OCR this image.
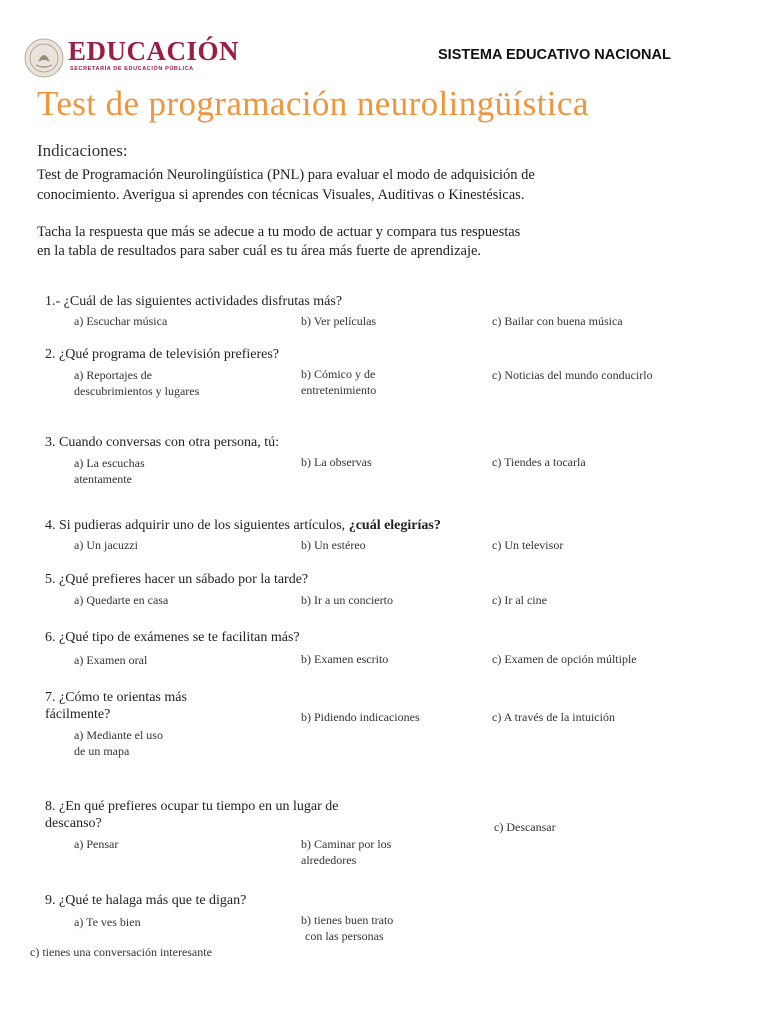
EDUCACIÓN
SECRETARÍA DE EDUCACIÓN PÚBLICA
SISTEMA EDUCATIVO NACIONAL
Test de programación neurolingüística
Indicaciones:
Test de Programación Neurolingüística (PNL) para evaluar el modo de adquisición de
conocimiento. Averigua si aprendes con técnicas Visuales, Auditivas o Kinestésicas.
Tacha la respuesta que más se adecue a tu modo de actuar y compara tus respuestas
en la tabla de resultados para saber cuál es tu área más fuerte de aprendizaje.
1.- ¿Cuál de las siguientes actividades disfrutas más?
a) Escuchar música	b) Ver películas	c) Bailar con buena música
2. ¿Qué programa de televisión prefieres?
a) Reportajes de
descubrimientos y lugares
b) Cómico y de
entretenimiento
c) Noticias del mundo conducirlo
3. Cuando conversas con otra persona, tú:
a) La escuchas
atentamente
b) La observas	c) Tiendes a tocarla
4. Si pudieras adquirir uno de los siguientes artículos, ¿cuál elegirías?
a) Un jacuzzi	b) Un estéreo	c) Un televisor
5. ¿Qué prefieres hacer un sábado por la tarde?
a) Quedarte en casa	b) Ir a un concierto	c) Ir al cine
6. ¿Qué tipo de exámenes se te facilitan más?
a) Examen oral	b) Examen escrito	c) Examen de opción múltiple
7. ¿Cómo te orientas más
fácilmente?
a) Mediante el uso
de un mapa
b) Pidiendo indicaciones	c) A través de la intuición
8. ¿En qué prefieres ocupar tu tiempo en un lugar de
descanso?
a) Pensar	b) Caminar por los
alrededores
c) Descansar
9. ¿Qué te halaga más que te digan?
a) Te ves bien	b) tienes buen trato
con las personas
c) tienes una conversación interesante
